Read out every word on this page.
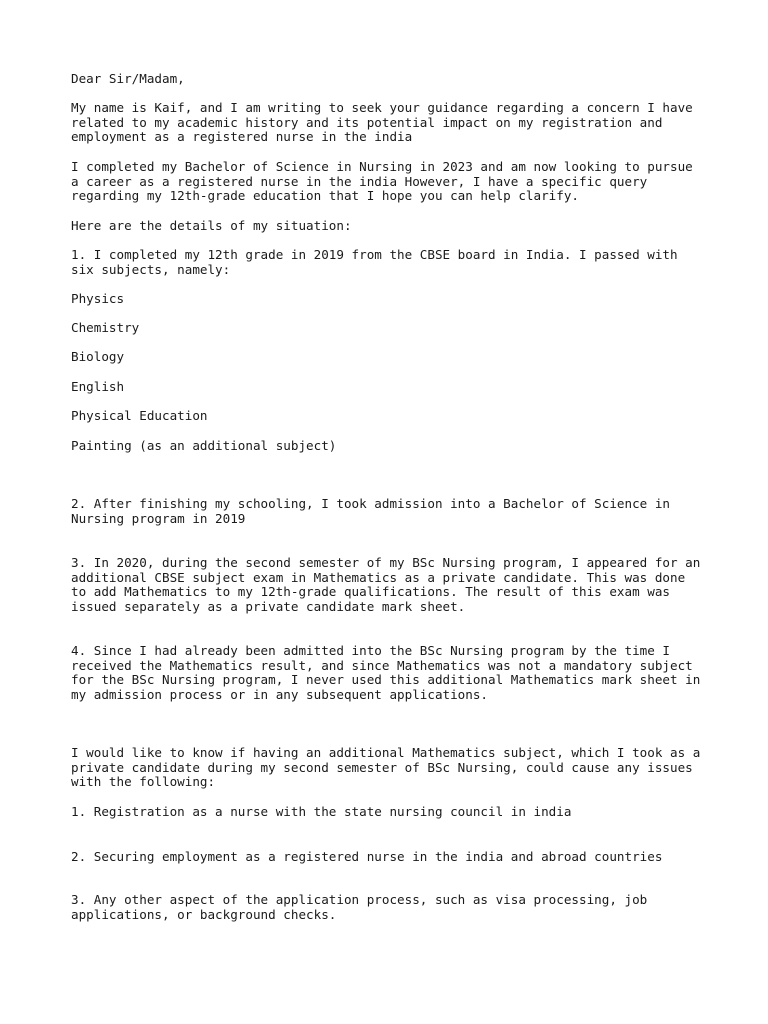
Dear Sir/Madam,

My name is Kaif, and I am writing to seek your guidance regarding a concern I have
related to my academic history and its potential impact on my registration and
employment as a registered nurse in the india

I completed my Bachelor of Science in Nursing in 2023 and am now looking to pursue
a career as a registered nurse in the india However, I have a specific query
regarding my 12th-grade education that I hope you can help clarify.

Here are the details of my situation:

1. I completed my 12th grade in 2019 from the CBSE board in India. I passed with
six subjects, namely:

Physics

Chemistry

Biology

English

Physical Education

Painting (as an additional subject)

2. After finishing my schooling, I took admission into a Bachelor of Science in
Nursing program in 2019

3. In 2020, during the second semester of my BSc Nursing program, I appeared for an
additional CBSE subject exam in Mathematics as a private candidate. This was done
to add Mathematics to my 12th-grade qualifications. The result of this exam was
issued separately as a private candidate mark sheet.

4. Since I had already been admitted into the BSc Nursing program by the time I
received the Mathematics result, and since Mathematics was not a mandatory subject
for the BSc Nursing program, I never used this additional Mathematics mark sheet in
my admission process or in any subsequent applications.

I would like to know if having an additional Mathematics subject, which I took as a
private candidate during my second semester of BSc Nursing, could cause any issues
with the following:

1. Registration as a nurse with the state nursing council in india

2. Securing employment as a registered nurse in the india and abroad countries

3. Any other aspect of the application process, such as visa processing, job
applications, or background checks.
